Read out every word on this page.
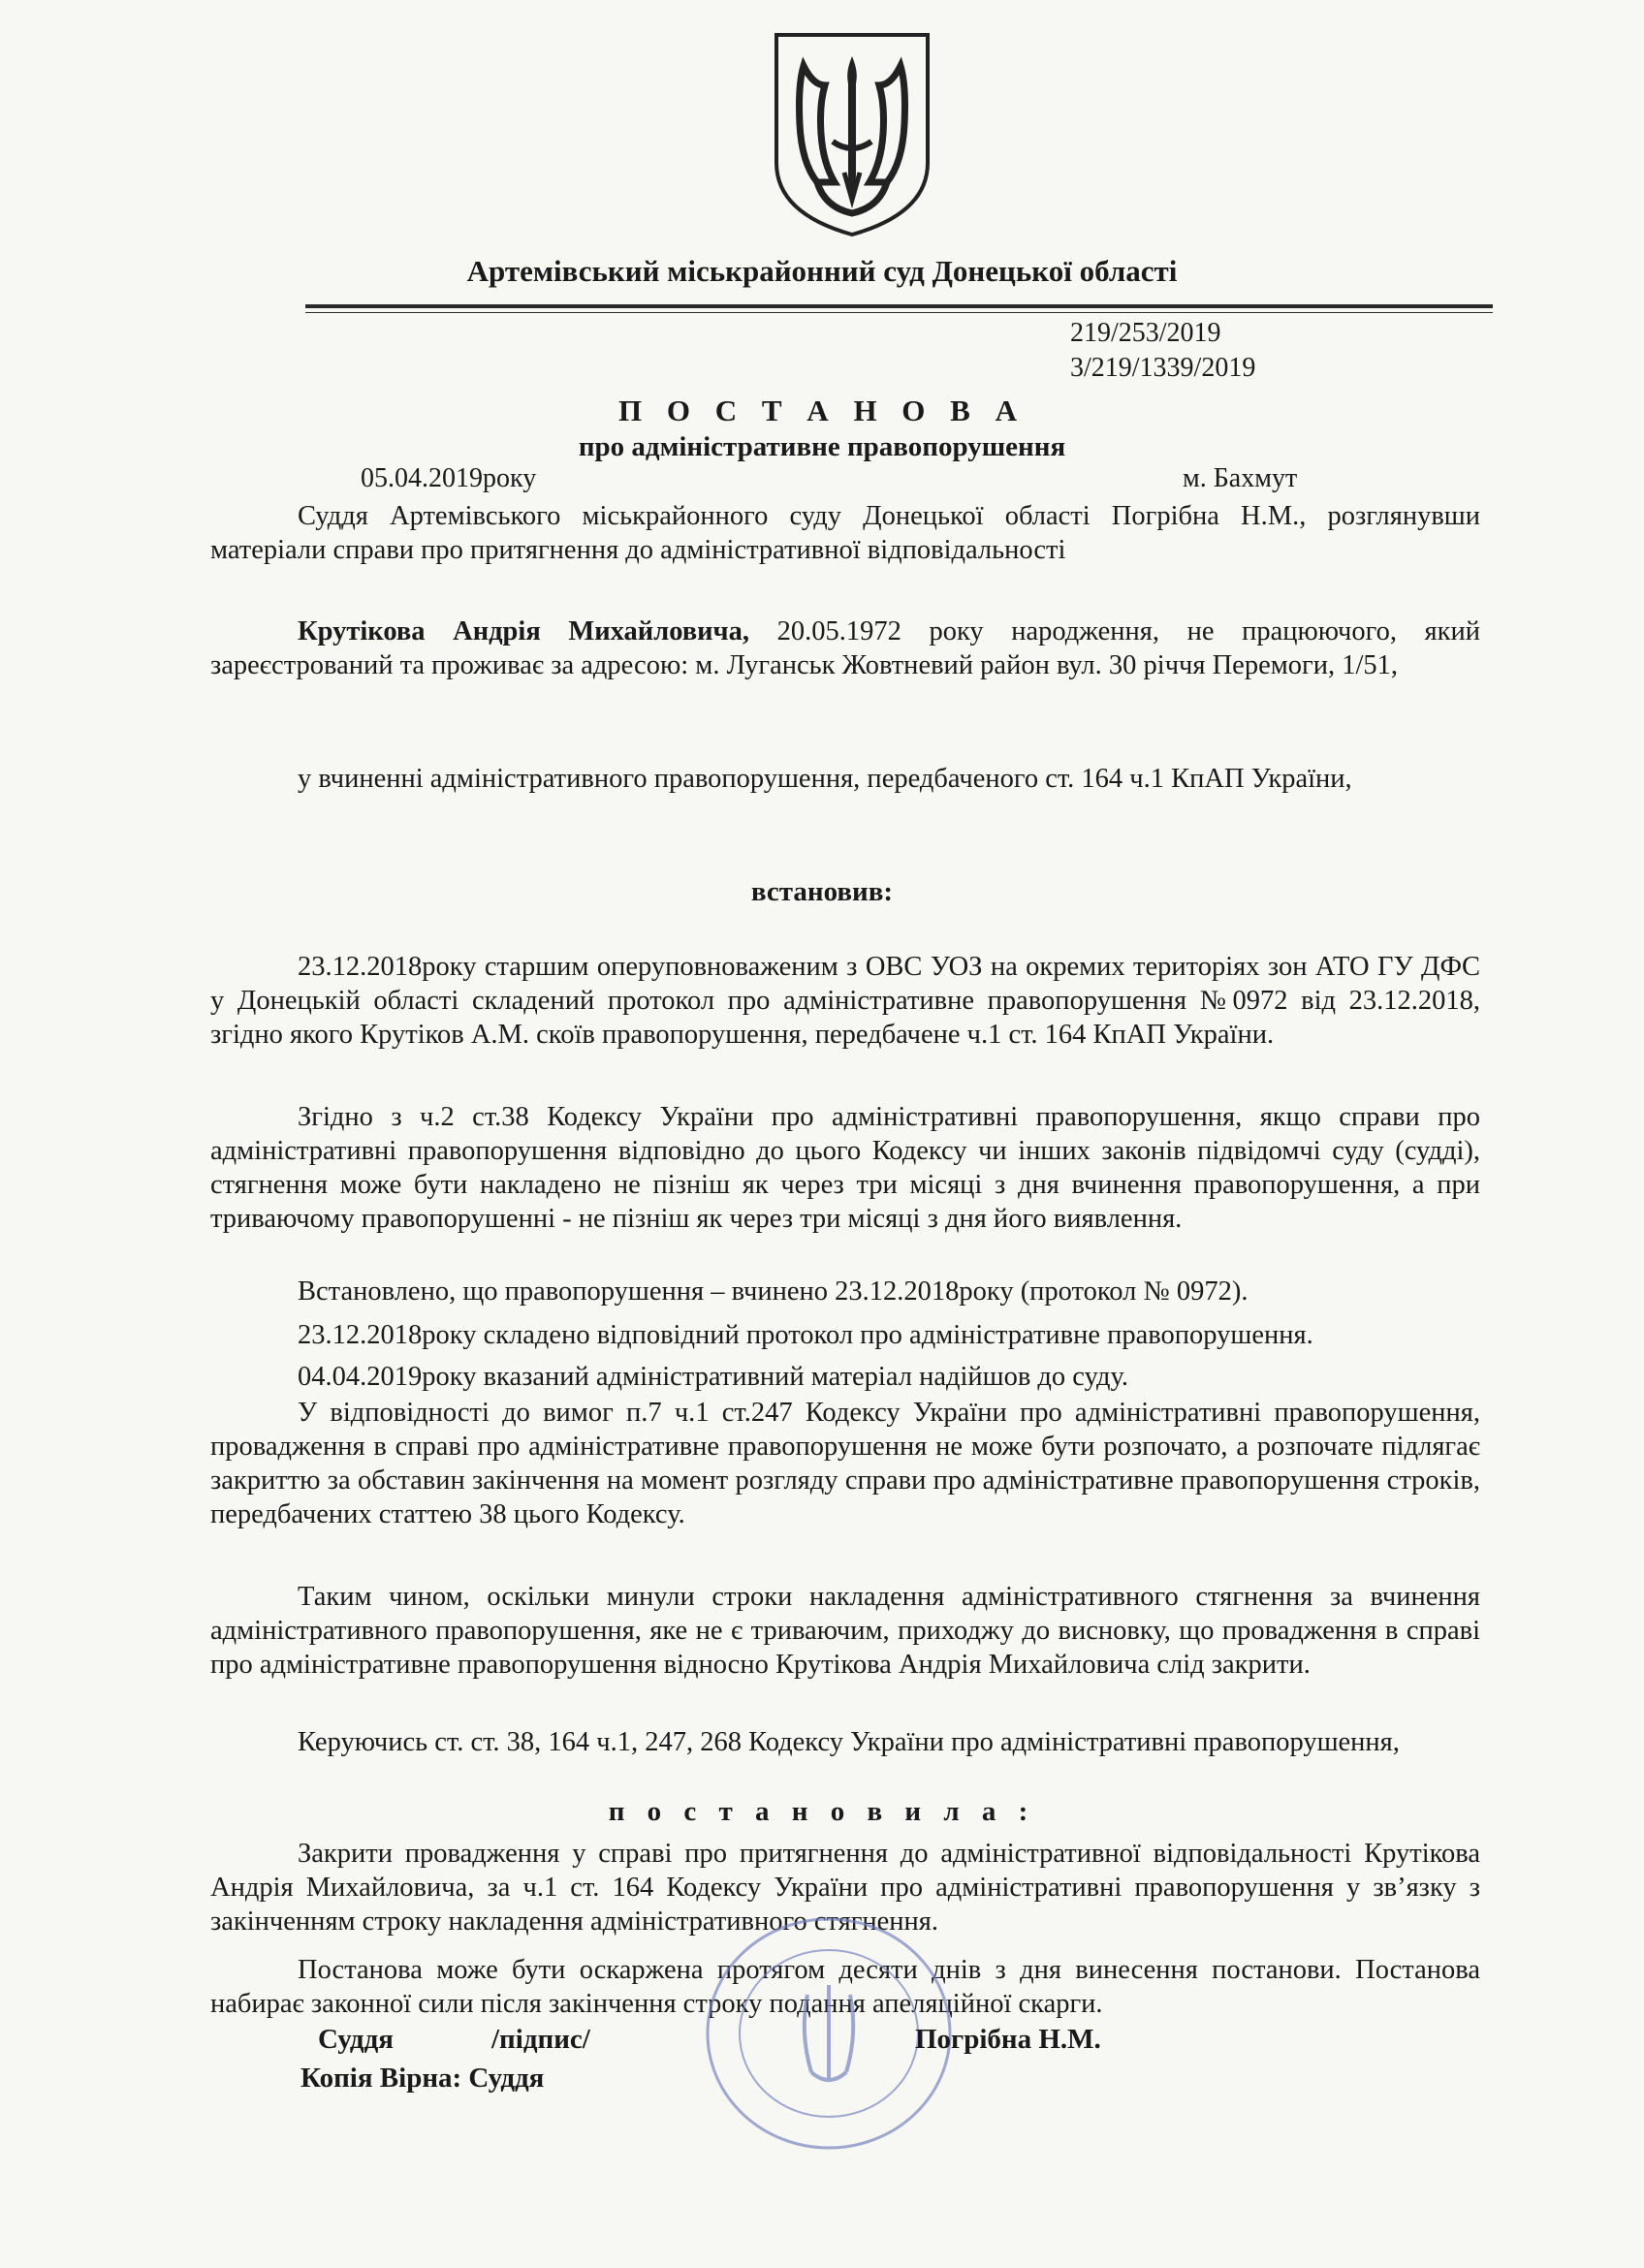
Артемівський міськрайонний суд Донецької області
219/253/2019
3/219/1339/2019
П О С Т А Н О В А
про адміністративне правопорушення
05.04.2019року	м. Бахмут
Суддя Артемівського міськрайонного суду Донецької області Погрібна Н.М., розглянувши матеріали справи про притягнення до адміністративної відповідальності
Крутікова Андрія Михайловича, 20.05.1972 року народження, не працюючого, який зареєстрований та проживає за адресою: м. Луганськ Жовтневий район вул. 30 річчя Перемоги, 1/51,
у вчиненні адміністративного правопорушення, передбаченого ст. 164 ч.1 КпАП України,
встановив:
23.12.2018року старшим оперуповноваженим з ОВС УОЗ на окремих територіях зон АТО ГУ ДФС у Донецькій області складений протокол про адміністративне правопорушення №0972 від 23.12.2018, згідно якого Крутіков А.М. скоїв правопорушення, передбачене ч.1 ст. 164 КпАП України.
Згідно з ч.2 ст.38 Кодексу України про адміністративні правопорушення, якщо справи про адміністративні правопорушення відповідно до цього Кодексу чи інших законів підвідомчі суду (судді), стягнення може бути накладено не пізніш як через три місяці з дня вчинення правопорушення, а при триваючому правопорушенні - не пізніш як через три місяці з дня його виявлення.
Встановлено, що правопорушення – вчинено 23.12.2018року (протокол № 0972).
23.12.2018року складено відповідний протокол про адміністративне правопорушення.
04.04.2019року вказаний адміністративний матеріал надійшов до суду.
У відповідності до вимог п.7 ч.1 ст.247 Кодексу України про адміністративні правопорушення, провадження в справі про адміністративне правопорушення не може бути розпочато, а розпочате підлягає закриттю за обставин закінчення на момент розгляду справи про адміністративне правопорушення строків, передбачених статтею 38 цього Кодексу.
Таким чином, оскільки минули строки накладення адміністративного стягнення за вчинення адміністративного правопорушення, яке не є триваючим, приходжу до висновку, що провадження в справі про адміністративне правопорушення відносно Крутікова Андрія Михайловича слід закрити.
Керуючись ст. ст. 38, 164 ч.1, 247, 268 Кодексу України про адміністративні правопорушення,
п о с т а н о в и л а :
Закрити провадження у справі про притягнення до адміністративної відповідальності Крутікова Андрія Михайловича, за ч.1 ст. 164 Кодексу України про адміністративні правопорушення у зв’язку з закінченням строку накладення адміністративного стягнення.
Постанова може бути оскаржена протягом десяти днів з дня винесення постанови. Постанова набирає законної сили після закінчення строку подання апеляційної скарги.
Суддя	/підпис/	Погрібна Н.М.
Копія Вірна: Суддя
